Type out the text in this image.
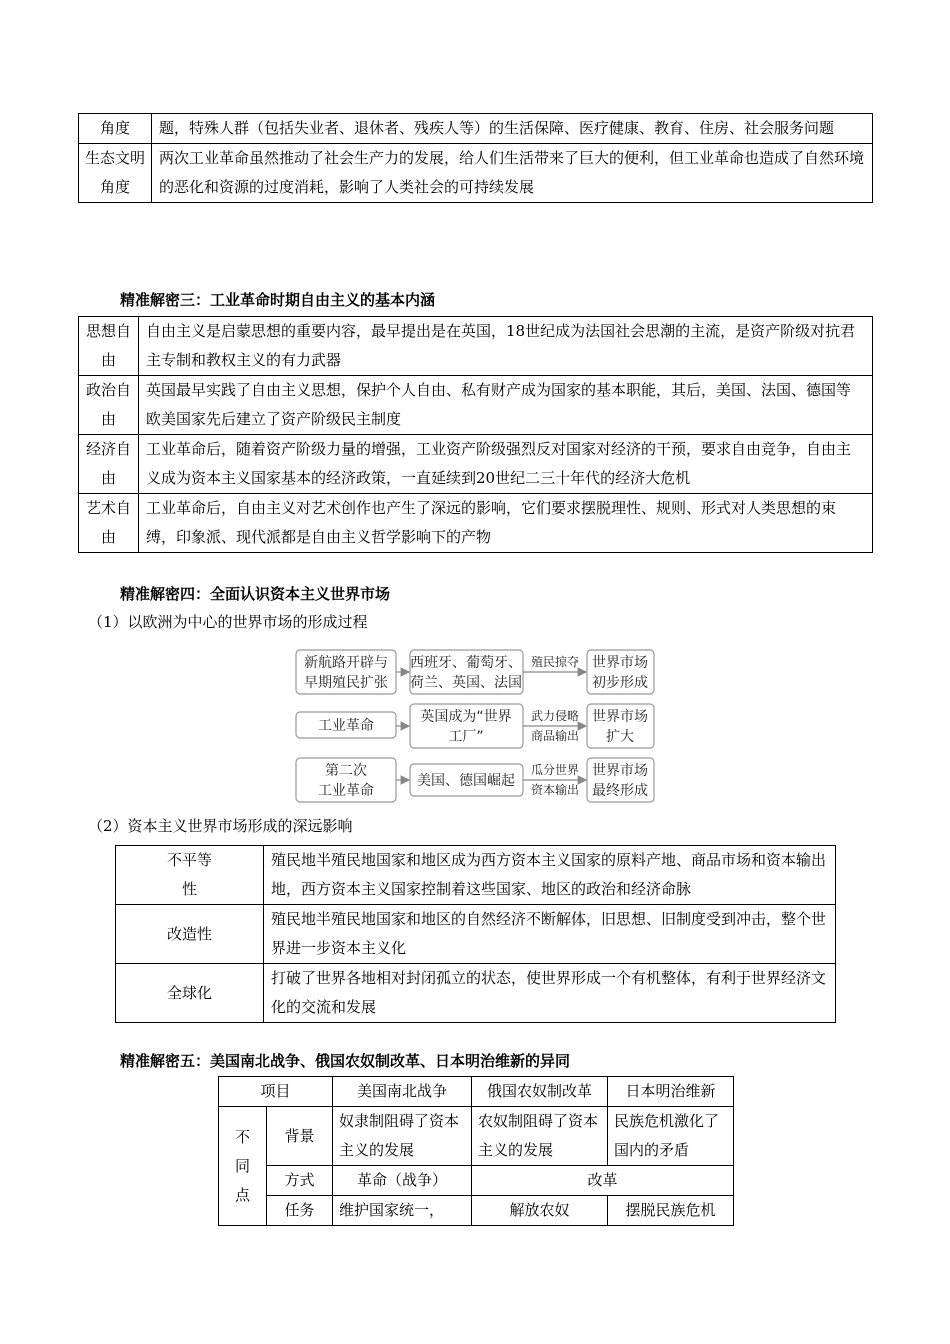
角度	题，特殊人群（包括失业者、退休者、残疾人等）的生活保障、医疗健康、教育、住房、社会服务问题
生态文明角度	两次工业革命虽然推动了社会生产力的发展，给人们生活带来了巨大的便利，但工业革命也造成了自然环境的恶化和资源的过度消耗，影响了人类社会的可持续发展
精准解密三：工业革命时期自由主义的基本内涵
思想自由	自由主义是启蒙思想的重要内容，最早提出是在英国，18世纪成为法国社会思潮的主流，是资产阶级对抗君主专制和教权主义的有力武器
政治自由	英国最早实践了自由主义思想，保护个人自由、私有财产成为国家的基本职能，其后，美国、法国、德国等欧美国家先后建立了资产阶级民主制度
经济自由	工业革命后，随着资产阶级力量的增强，工业资产阶级强烈反对国家对经济的干预，要求自由竞争，自由主义成为资本主义国家基本的经济政策，一直延续到20世纪二三十年代的经济大危机
艺术自由	工业革命后，自由主义对艺术创作也产生了深远的影响，它们要求摆脱理性、规则、形式对人类思想的束缚，印象派、现代派都是自由主义哲学影响下的产物
精准解密四：全面认识资本主义世界市场
（1）以欧洲为中心的世界市场的形成过程
新航路开辟与
早期殖民扩张
西班牙、葡萄牙、
荷兰、英国、法国
殖民掠夺 世界市场
初步形成
工业革命
英国成为“世界
工厂”
武力侵略
商品输出
世界市场
扩大
第二次
工业革命
美国、德国崛起
瓜分世界
资本输出
世界市场
最终形成
（2）资本主义世界市场形成的深远影响
不平等性	殖民地半殖民地国家和地区成为西方资本主义国家的原料产地、商品市场和资本输出地，西方资本主义国家控制着这些国家、地区的政治和经济命脉
改造性	殖民地半殖民地国家和地区的自然经济不断解体，旧思想、旧制度受到冲击，整个世界进一步资本主义化
全球化	打破了世界各地相对封闭孤立的状态，使世界形成一个有机整体，有利于世界经济文化的交流和发展
精准解密五：美国南北战争、俄国农奴制改革、日本明治维新的异同
项目		美国南北战争	俄国农奴制改革	日本明治维新
不同点	背景	奴隶制阻碍了资本主义的发展	农奴制阻碍了资本主义的发展	民族危机激化了国内的矛盾
	方式	革命（战争）	改革	
	任务	维护国家统一，	解放农奴	摆脱民族危机
